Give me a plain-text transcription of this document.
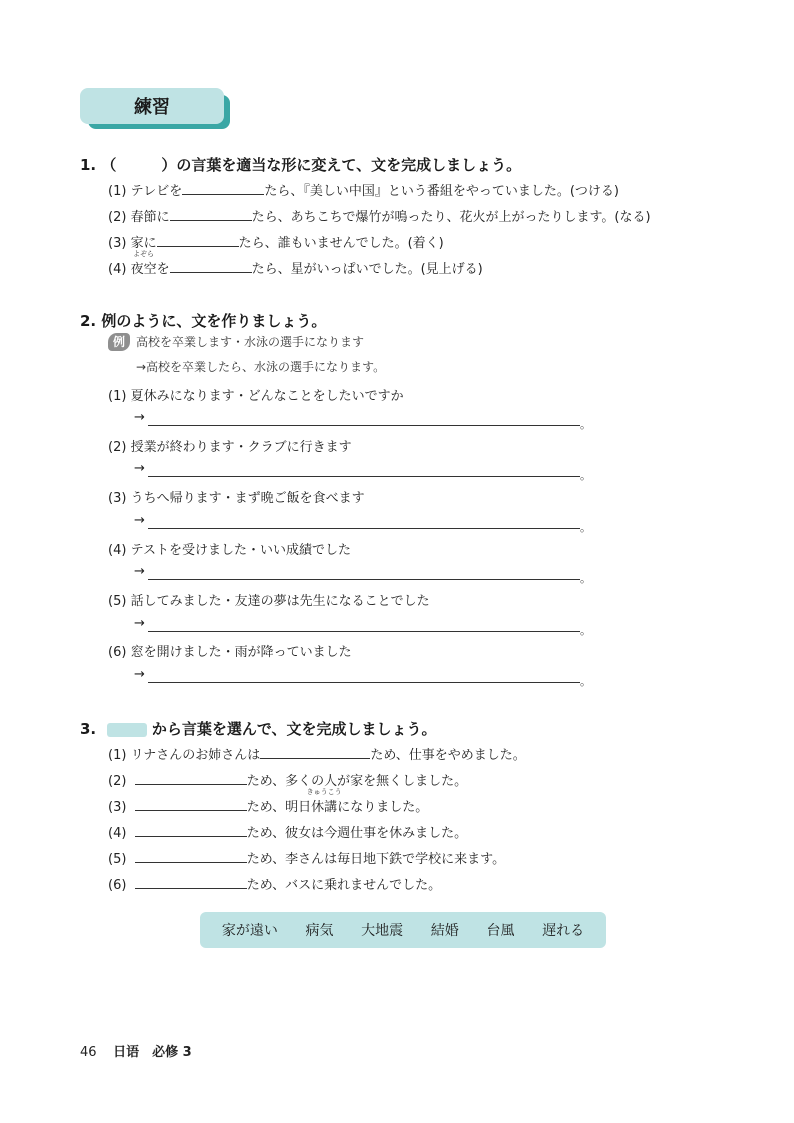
練習
1. （　　　）の言葉を適当な形に変えて、文を完成しましょう。
(1) テレビを	たら、『美しい中国』という番組をやっていました。(つける)
(2) 春節に	たら、あちこちで爆竹が鳴ったり、花火が上がったりします。(なる)
(3) 家に	たら、誰もいませんでした。(着く)
(4)
よぞら
夜空を	たら、星がいっぱいでした。(見上げる)
2. 例のように、文を作りましょう。
例 高校を卒業します・水泳の選手になります
→高校を卒業したら、水泳の選手になります。
(1) 夏休みになります・どんなことをしたいですか
→	。
(2) 授業が終わります・クラブに行きます
→	。
(3) うちへ帰ります・まず晩ご飯を食べます
→	。
(4) テストを受けました・いい成績でした
→	。
(5) 話してみました・友達の夢は先生になることでした
→	。
(6) 窓を開けました・雨が降っていました
→	。
3.	から言葉を選んで、文を完成しましょう。
(1) リナさんのお姉さんは	ため、仕事をやめました。
(2)	ため、多くの人が家を無くしました。
(3)	ため、明日
きゅうこう
休講になりました。
(4)	ため、彼女は今週仕事を休みました。
(5)	ため、李さんは毎日地下鉄で学校に来ます。
(6)	ため、バスに乗れませんでした。
家が遠い 病気 大地震 結婚 台風 遅れる
46 日语　必修 3
